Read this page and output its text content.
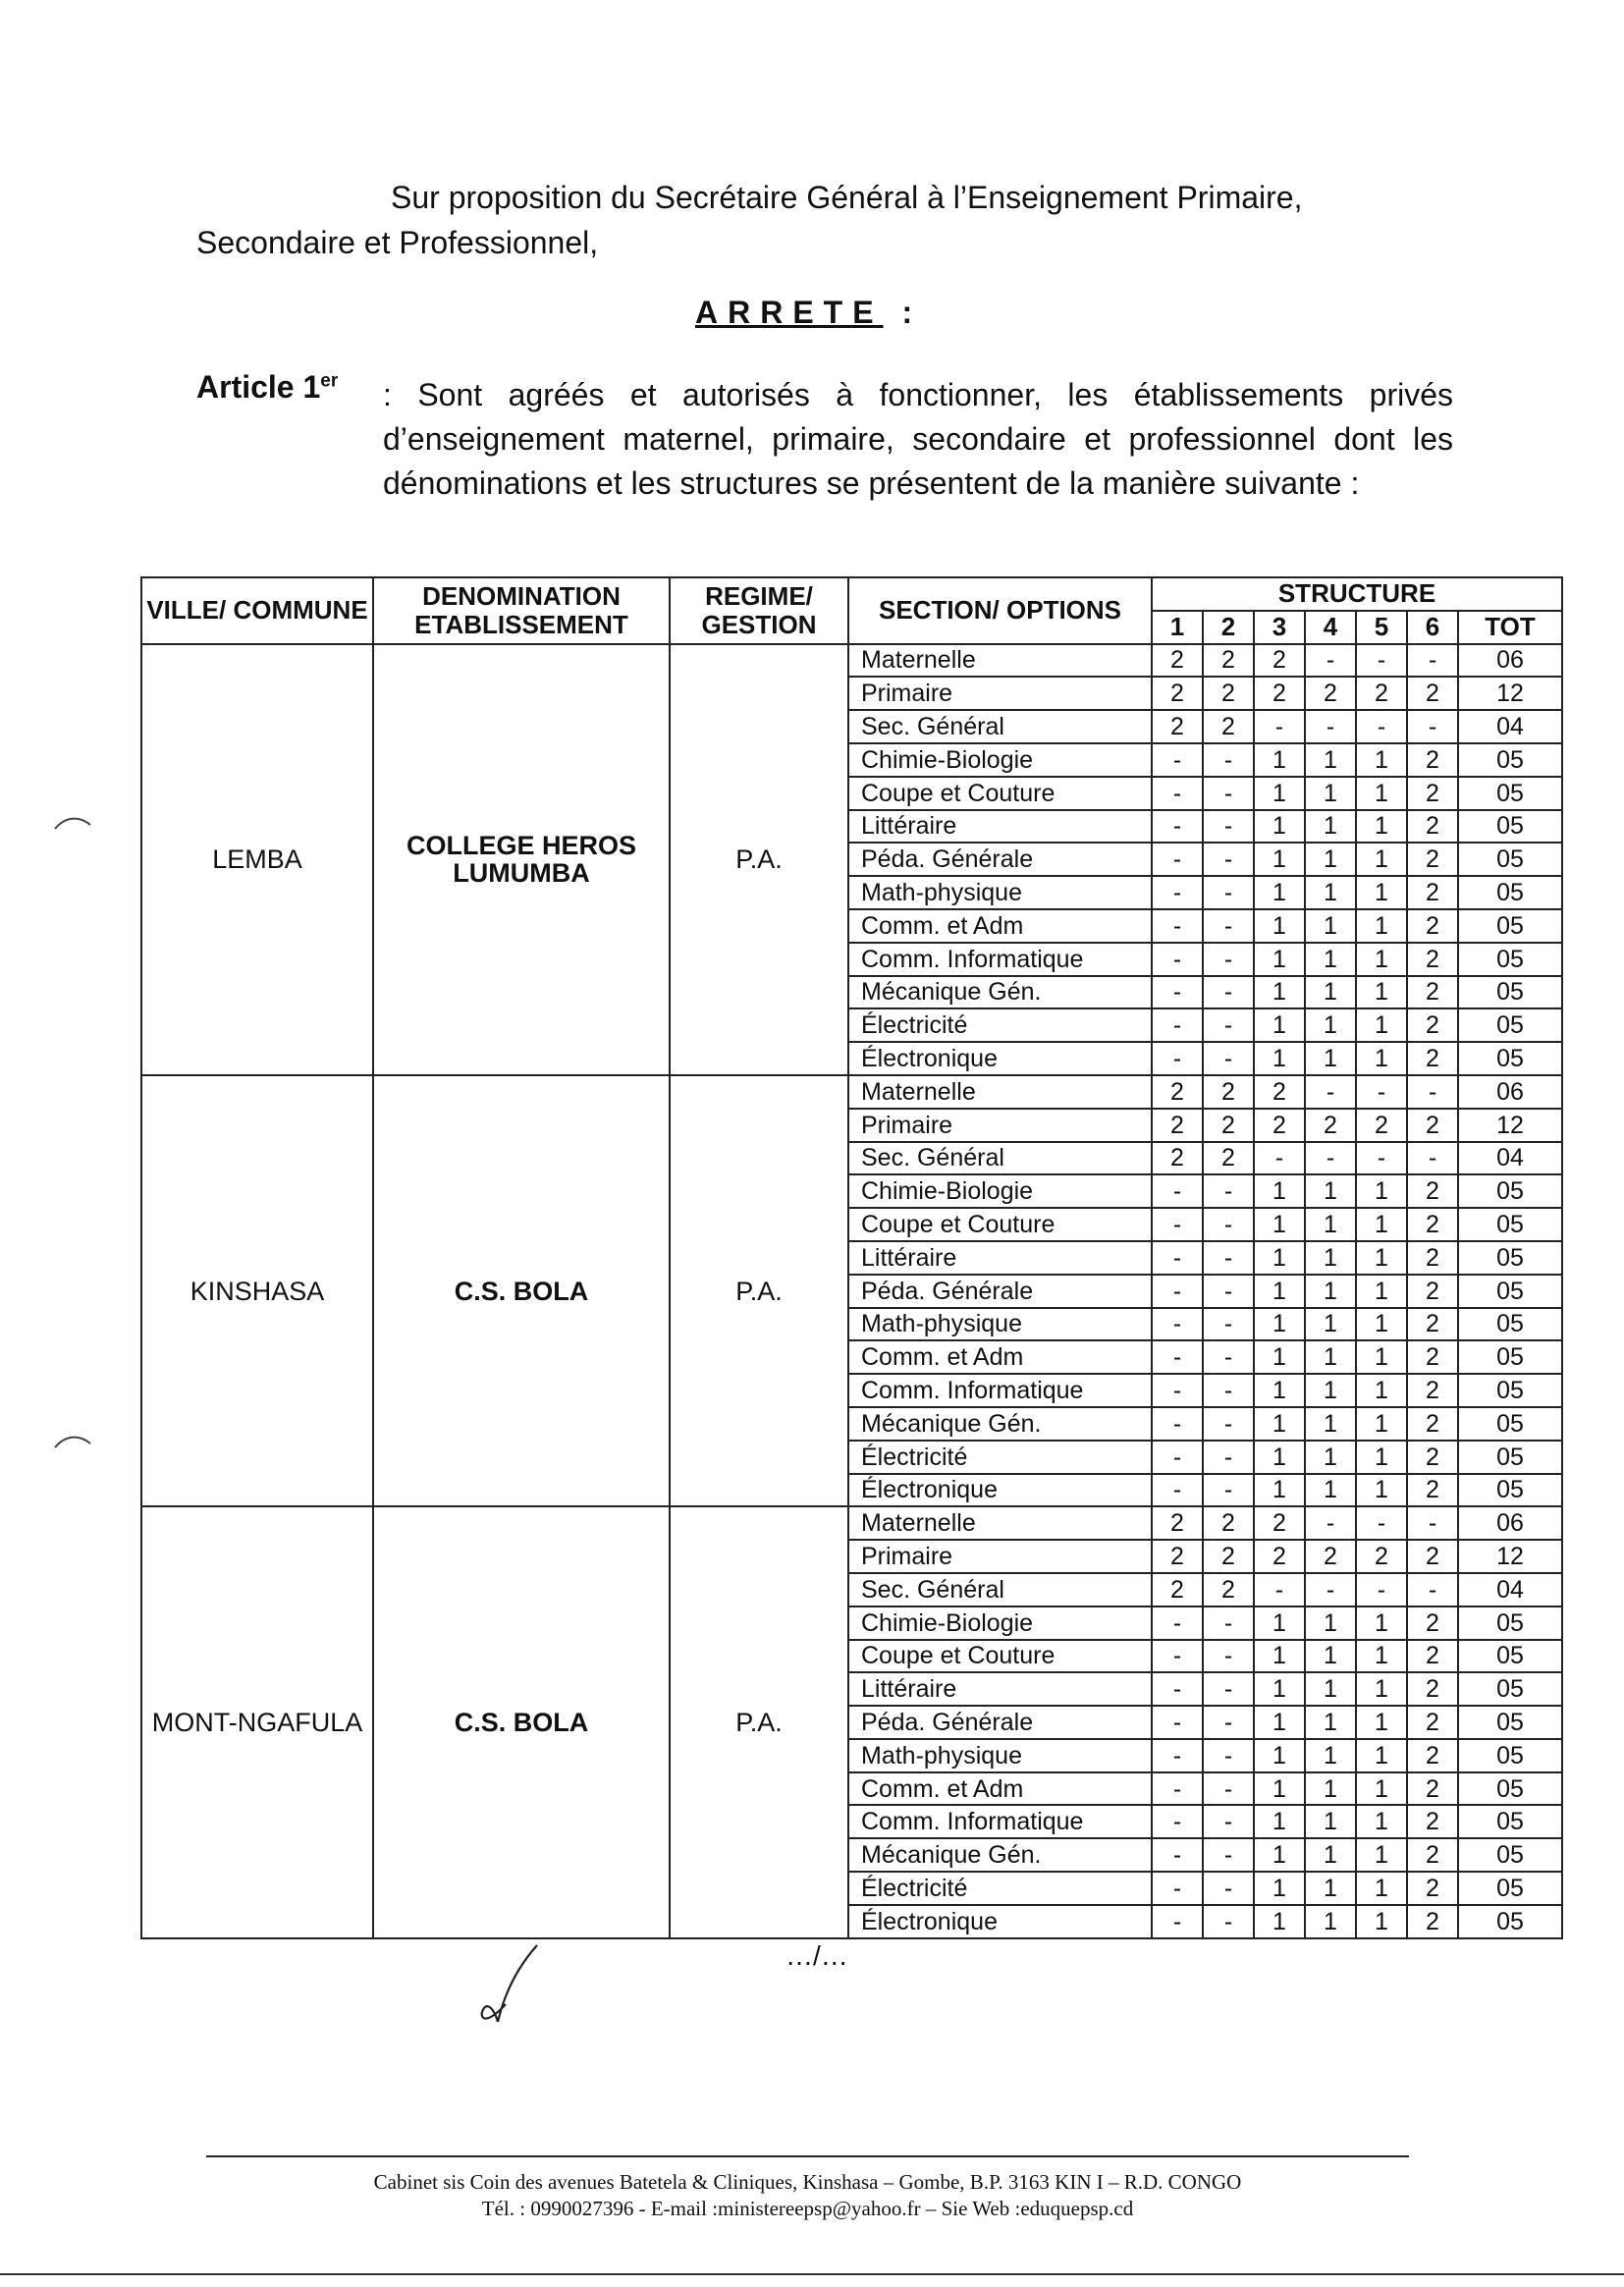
Sur proposition du Secrétaire Général à l’Enseignement Primaire,
Secondaire et Professionnel,
ARRETE :
Article 1er : Sont agréés et autorisés à fonctionner, les établissements privés d’enseignement maternel, primaire, secondaire et professionnel dont les dénominations et les structures se présentent de la manière suivante :
VILLE/ COMMUNE	DENOMINATION ETABLISSEMENT	REGIME/ GESTION	SECTION/ OPTIONS	STRUCTURE						
				1	2	3	4	5	6	TOT
LEMBA	COLLEGE HEROS LUMUMBA	P.A.	Maternelle	2	2	2	-	-	-	06
			Primaire	2	2	2	2	2	2	12
			Sec. Général	2	2	-	-	-	-	04
			Chimie-Biologie	-	-	1	1	1	2	05
			Coupe et Couture	-	-	1	1	1	2	05
			Littéraire	-	-	1	1	1	2	05
			Péda. Générale	-	-	1	1	1	2	05
			Math-physique	-	-	1	1	1	2	05
			Comm. et Adm	-	-	1	1	1	2	05
			Comm. Informatique	-	-	1	1	1	2	05
			Mécanique Gén.	-	-	1	1	1	2	05
			Électricité	-	-	1	1	1	2	05
			Électronique	-	-	1	1	1	2	05
KINSHASA	C.S. BOLA	P.A.	Maternelle	2	2	2	-	-	-	06
			Primaire	2	2	2	2	2	2	12
			Sec. Général	2	2	-	-	-	-	04
			Chimie-Biologie	-	-	1	1	1	2	05
			Coupe et Couture	-	-	1	1	1	2	05
			Littéraire	-	-	1	1	1	2	05
			Péda. Générale	-	-	1	1	1	2	05
			Math-physique	-	-	1	1	1	2	05
			Comm. et Adm	-	-	1	1	1	2	05
			Comm. Informatique	-	-	1	1	1	2	05
			Mécanique Gén.	-	-	1	1	1	2	05
			Électricité	-	-	1	1	1	2	05
			Électronique	-	-	1	1	1	2	05
MONT-NGAFULA	C.S. BOLA	P.A.	Maternelle	2	2	2	-	-	-	06
			Primaire	2	2	2	2	2	2	12
			Sec. Général	2	2	-	-	-	-	04
			Chimie-Biologie	-	-	1	1	1	2	05
			Coupe et Couture	-	-	1	1	1	2	05
			Littéraire	-	-	1	1	1	2	05
			Péda. Générale	-	-	1	1	1	2	05
			Math-physique	-	-	1	1	1	2	05
			Comm. et Adm	-	-	1	1	1	2	05
			Comm. Informatique	-	-	1	1	1	2	05
			Mécanique Gén.	-	-	1	1	1	2	05
			Électricité	-	-	1	1	1	2	05
			Électronique	-	-	1	1	1	2	05
…/…
Cabinet sis Coin des avenues Batetela & Cliniques, Kinshasa – Gombe, B.P. 3163 KIN I – R.D. CONGO
Tél. : 0990027396 - E-mail :ministereepsp@yahoo.fr – Sie Web :eduquepsp.cd
